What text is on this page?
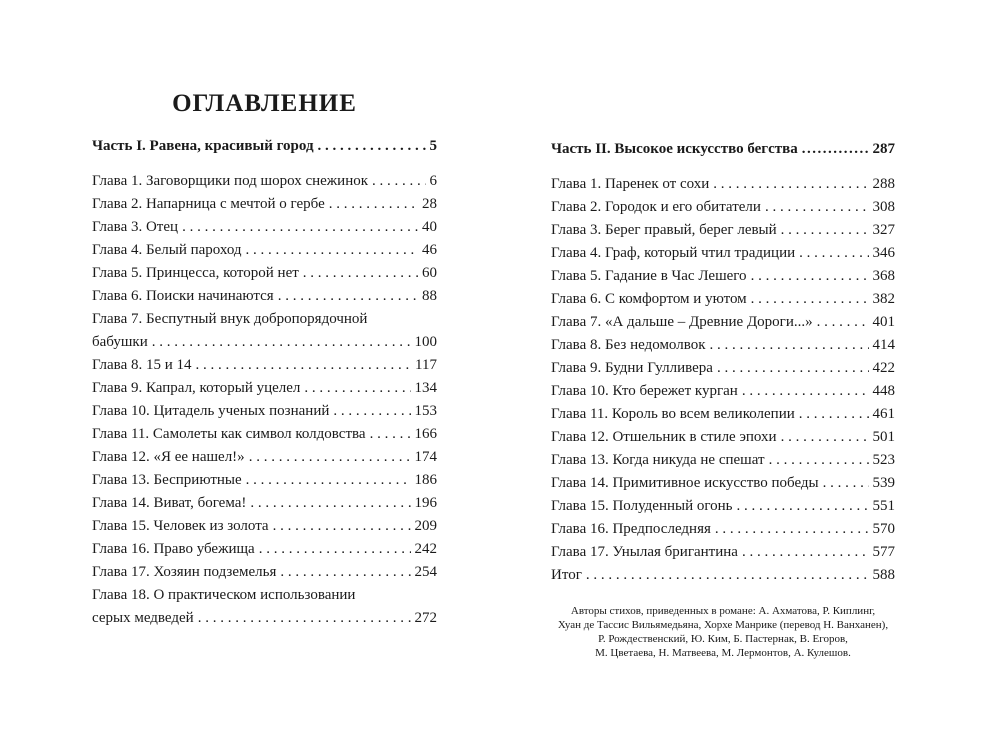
ОГЛАВЛЕНИЕ
Часть I. Равена, красивый город . . .	5
Глава 1. Заговорщики под шорох снежинок . . .	6
Глава 2. Напарница с мечтой о гербе . . .	28
Глава 3. Отец . . .	40
Глава 4. Белый пароход . . .	46
Глава 5. Принцесса, которой нет . . .	60
Глава 6. Поиски начинаются . . .	88
Глава 7. Беспутный внук добропорядочной
бабушки . . .	100
Глава 8. 15 и 14 . . .	117
Глава 9. Капрал, который уцелел . . .	134
Глава 10. Цитадель ученых познаний . . .	153
Глава 11. Самолеты как символ колдовства . . .	166
Глава 12. «Я ее нашел!» . . .	174
Глава 13. Бесприютные . . .	186
Глава 14. Виват, богема! . . .	196
Глава 15. Человек из золота . . .	209
Глава 16. Право убежища . . .	242
Глава 17. Хозяин подземелья . . .	254
Глава 18. О практическом использовании
серых медведей . . .	272
Часть II. Высокое искусство бегства .....	287
Глава 1. Паренек от сохи . . .	288
Глава 2. Городок и его обитатели . . .	308
Глава 3. Берег правый, берег левый . . .	327
Глава 4. Граф, который чтил традиции . . .	346
Глава 5. Гадание в Час Лешего . . .	368
Глава 6. С комфортом и уютом . . .	382
Глава 7. «А дальше – Древние Дороги...» . . .	401
Глава 8. Без недомолвок . . .	414
Глава 9. Будни Гулливера . . .	422
Глава 10. Кто бережет курган . . .	448
Глава 11. Король во всем великолепии . . .	461
Глава 12. Отшельник в стиле эпохи . . .	501
Глава 13. Когда никуда не спешат . . .	523
Глава 14. Примитивное искусство победы . . .	539
Глава 15. Полуденный огонь . . .	551
Глава 16. Предпоследняя . . .	570
Глава 17. Унылая бригантина . . .	577
Итог . . .	588
Авторы стихов, приведенных в романе: А. Ахматова, Р. Киплинг,
Хуан де Тассис Вильямедьяна, Хорхе Манрике (перевод Н. Ванханен),
Р. Рождественский, Ю. Ким, Б. Пастернак, В. Егоров,
М. Цветаева, Н. Матвеева, М. Лермонтов, А. Кулешов.
